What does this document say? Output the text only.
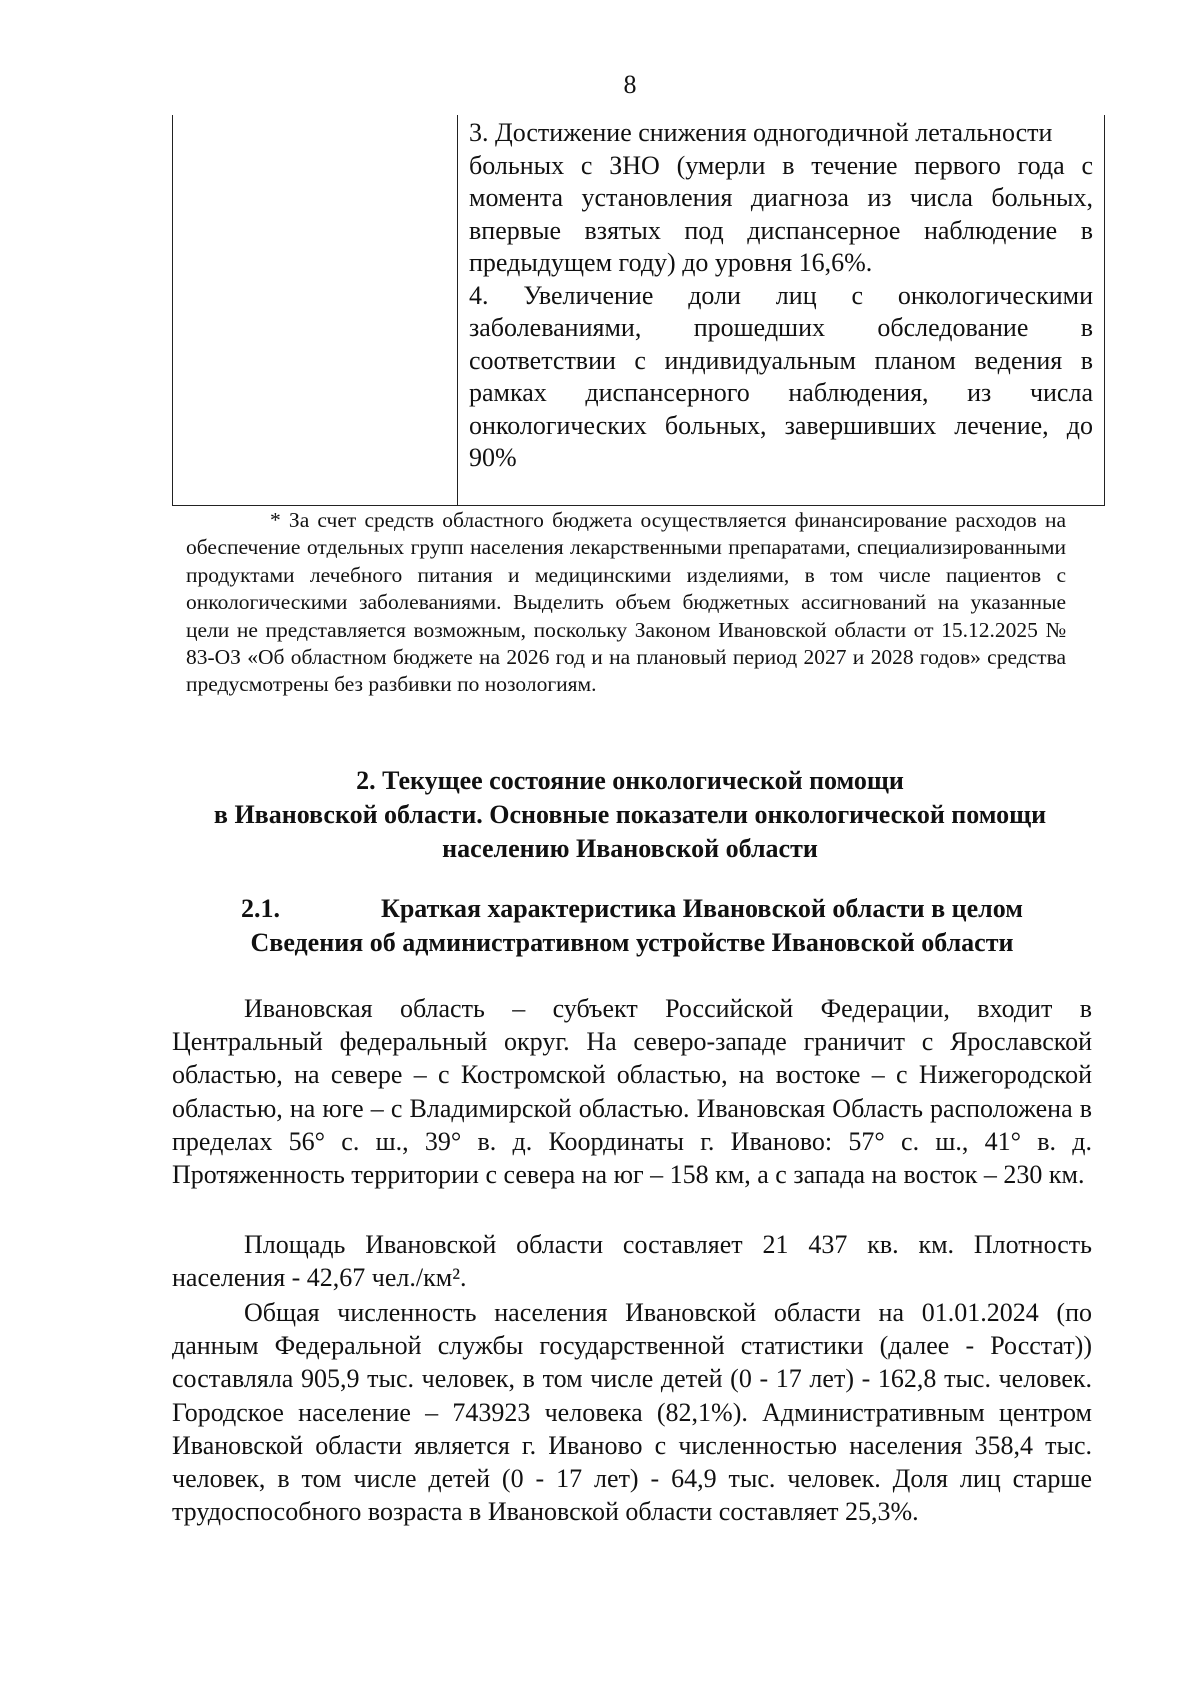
8

3. Достижение снижения одногодичной летальности

больных с ЗНО (умерли в течение первого года с момента установления диагноза из числа больных, впервые взятых под диспансерное наблюдение в предыдущем году) до уровня 16,6%.

4. Увеличение доли лиц с онкологическими заболеваниями, прошедших обследование в соответствии с индивидуальным планом ведения в рамках диспансерного наблюдения, из числа онкологических больных, завершивших лечение, до 90%

* За счет средств областного бюджета осуществляется финансирование расходов на обеспечение отдельных групп населения лекарственными препаратами, специализированными продуктами лечебного питания и медицинскими изделиями, в том числе пациентов с онкологическими заболеваниями. Выделить объем бюджетных ассигнований на указанные цели не представляется возможным, поскольку Законом Ивановской области от 15.12.2025 № 83-ОЗ «Об областном бюджете на 2026 год и на плановый период 2027 и 2028 годов» средства предусмотрены без разбивки по нозологиям.

2. Текущее состояние онкологической помощи
в Ивановской области. Основные показатели онкологической помощи
населению Ивановской области
2.1.	Краткая характеристика Ивановской области в целом
Сведения об административном устройстве Ивановской области

Ивановская область – субъект Российской Федерации, входит в Центральный федеральный округ. На северо-западе граничит с Ярославской областью, на севере – с Костромской областью, на востоке – с Нижегородской областью, на юге – с Владимирской областью. Ивановская Область расположена в пределах 56° с. ш., 39° в. д. Координаты г. Иваново: 57° с. ш., 41° в. д. Протяженность территории с севера на юг – 158 км, а с запада на восток – 230 км.

Площадь Ивановской области составляет 21 437 кв. км. Плотность населения - 42,67 чел./км².

Общая численность населения Ивановской области на 01.01.2024 (по данным Федеральной службы государственной статистики (далее - Росстат)) составляла 905,9 тыс. человек, в том числе детей (0 - 17 лет) - 162,8 тыс. человек. Городское население – 743923 человека (82,1%). Административным центром Ивановской области является г. Иваново с численностью населения 358,4 тыс. человек, в том числе детей (0 - 17 лет) - 64,9 тыс. человек. Доля лиц старше трудоспособного возраста в Ивановской области составляет 25,3%.
